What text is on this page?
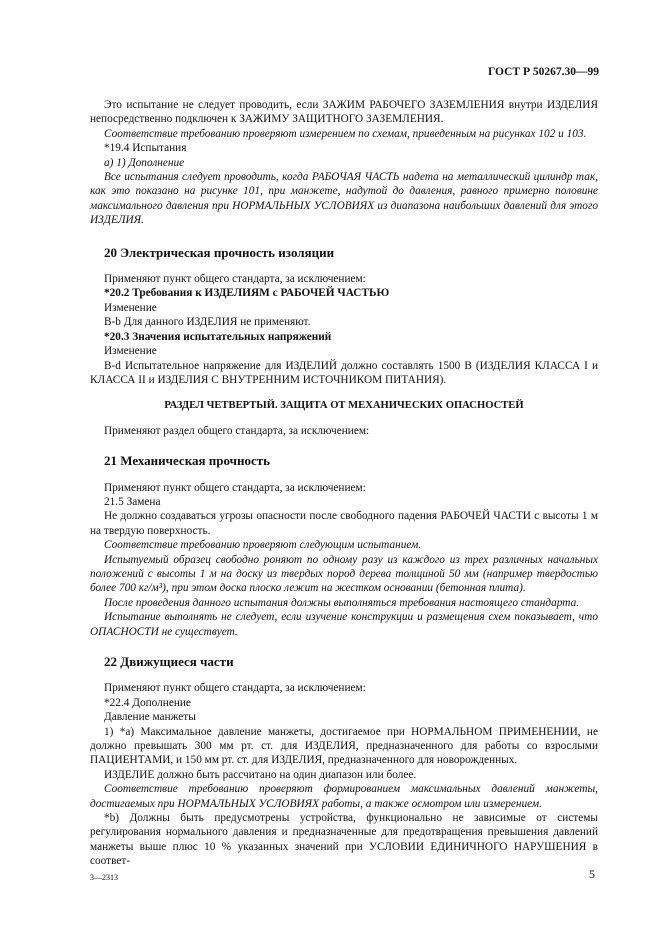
ГОСТ Р 50267.30—99

Это испытание не следует проводить, если ЗАЖИМ РАБОЧЕГО ЗАЗЕМЛЕНИЯ внутри ИЗДЕЛИЯ непосредственно подключен к ЗАЖИМУ ЗАЩИТНОГО ЗАЗЕМЛЕНИЯ.

Соответствие требованию проверяют измерением по схемам, приведенным на рисунках 102 и 103.

*19.4 Испытания

а) 1) Дополнение

Все испытания следует проводить, когда РАБОЧАЯ ЧАСТЬ надета на металлический цилиндр так, как это показано на рисунке 101, при манжете, надутой до давления, равного примерно половине максимального давления при НОРМАЛЬНЫХ УСЛОВИЯХ из диапазона наибольших давлений для этого ИЗДЕЛИЯ.

20 Электрическая прочность изоляции

Применяют пункт общего стандарта, за исключением:

*20.2 Требования к ИЗДЕЛИЯМ с РАБОЧЕЙ ЧАСТЬЮ

Изменение

В-b Для данного ИЗДЕЛИЯ не применяют.

*20.3 Значения испытательных напряжений

Изменение

В-d Испытательное напряжение для ИЗДЕЛИЙ должно составлять 1500 В (ИЗДЕЛИЯ КЛАССА I и КЛАССА II и ИЗДЕЛИЯ С ВНУТРЕННИМ ИСТОЧНИКОМ ПИТАНИЯ).

РАЗДЕЛ ЧЕТВЕРТЫЙ. ЗАЩИТА ОТ МЕХАНИЧЕСКИХ ОПАСНОСТЕЙ

Применяют раздел общего стандарта, за исключением:

21 Механическая прочность

Применяют пункт общего стандарта, за исключением:

21.5 Замена

Не должно создаваться угрозы опасности после свободного падения РАБОЧЕЙ ЧАСТИ с высоты 1 м на твердую поверхность.

Соответствие требованию проверяют следующим испытанием.

Испытуемый образец свободно роняют по одному разу из каждого из трех различных начальных положений с высоты 1 м на доску из твердых пород дерева толщиной 50 мм (например твердостью более 700 кг/м³), при этом доска плоско лежит на жестком основании (бетонная плита).

После проведения данного испытания должны выполняться требования настоящего стандарта.

Испытание выполнять не следует, если изучение конструкции и размещения схем показывает, что ОПАСНОСТИ не существует.

22 Движущиеся части

Применяют пункт общего стандарта, за исключением:

*22.4 Дополнение

Давление манжеты

1) *а) Максимальное давление манжеты, достигаемое при НОРМАЛЬНОМ ПРИМЕНЕНИИ, не должно превышать 300 мм рт. ст. для ИЗДЕЛИЯ, предназначенного для работы со взрослыми ПАЦИЕНТАМИ, и 150 мм рт. ст. для ИЗДЕЛИЯ, предназначенного для новорожденных.

ИЗДЕЛИЕ должно быть рассчитано на один диапазон или более.

Соответствие требованию проверяют формированием максимальных давлений манжеты, достигаемых при НОРМАЛЬНЫХ УСЛОВИЯХ работы, а также осмотром или измерением.

*b) Должны быть предусмотрены устройства, функционально не зависимые от системы регулирования нормального давления и предназначенные для предотвращения превышения давлений манжеты выше плюс 10 % указанных значений при УСЛОВИИ ЕДИНИЧНОГО НАРУШЕНИЯ в соответ-

3—2313	5
